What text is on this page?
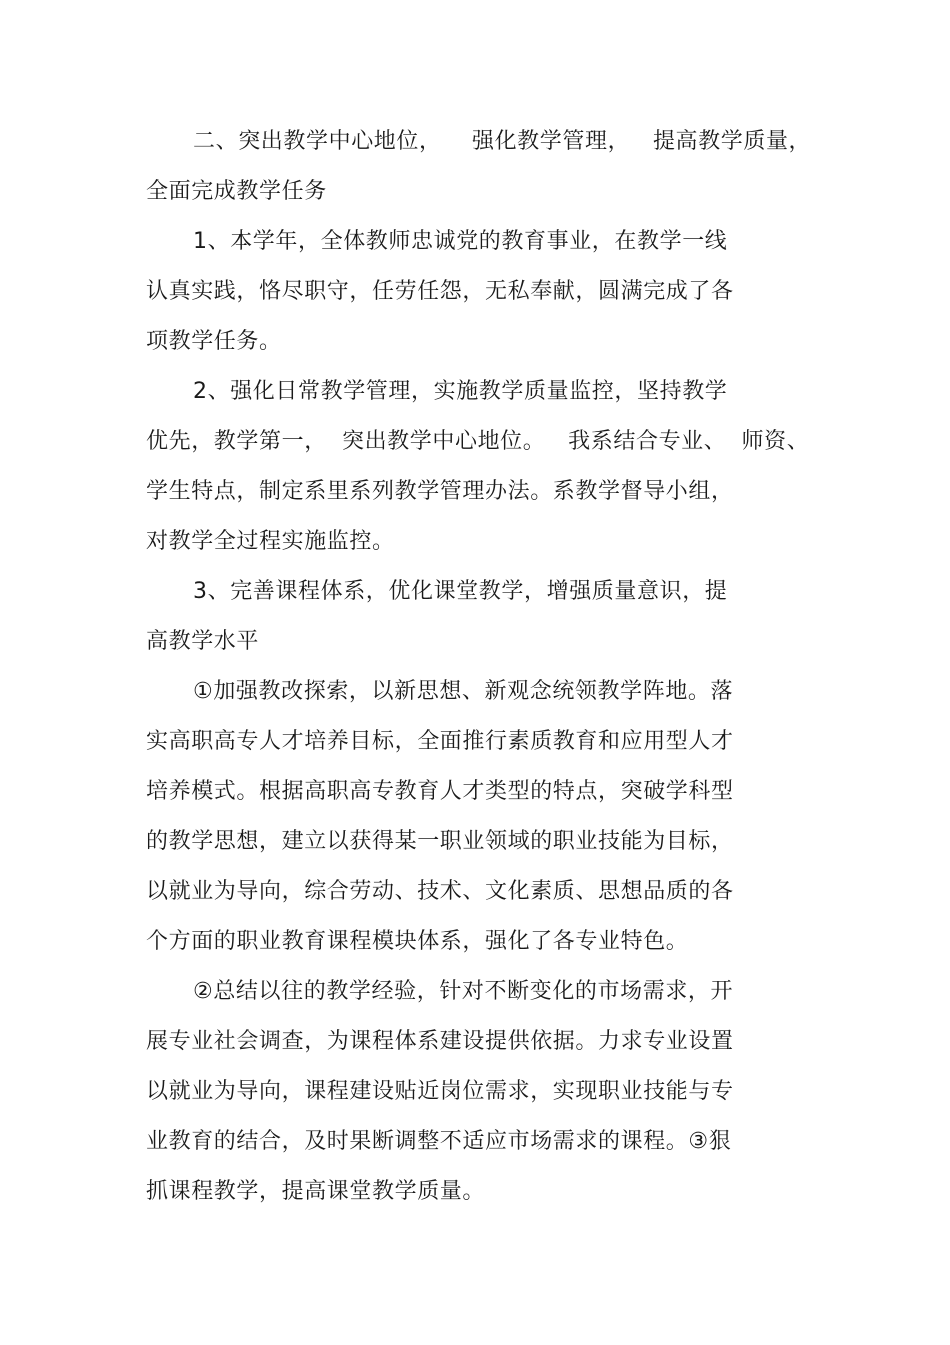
二、突出教学中心地位，    强化教学管理，   提高教学质量，
全面完成教学任务
1、本学年，全体教师忠诚党的教育事业，在教学一线
认真实践，恪尽职守，任劳任怨，无私奉献，圆满完成了各
项教学任务。
2、强化日常教学管理，实施教学质量监控，坚持教学
优先，教学第一，  突出教学中心地位。   我系结合专业、  师资、
学生特点，制定系里系列教学管理办法。系教学督导小组，
对教学全过程实施监控。
3、完善课程体系，优化课堂教学，增强质量意识，提
高教学水平
①加强教改探索，以新思想、新观念统领教学阵地。落
实高职高专人才培养目标，全面推行素质教育和应用型人才
培养模式。根据高职高专教育人才类型的特点，突破学科型
的教学思想，建立以获得某一职业领域的职业技能为目标，
以就业为导向，综合劳动、技术、文化素质、思想品质的各
个方面的职业教育课程模块体系，强化了各专业特色。
②总结以往的教学经验，针对不断变化的市场需求，开
展专业社会调查，为课程体系建设提供依据。力求专业设置
以就业为导向，课程建设贴近岗位需求，实现职业技能与专
业教育的结合，及时果断调整不适应市场需求的课程。③狠
抓课程教学，提高课堂教学质量。
